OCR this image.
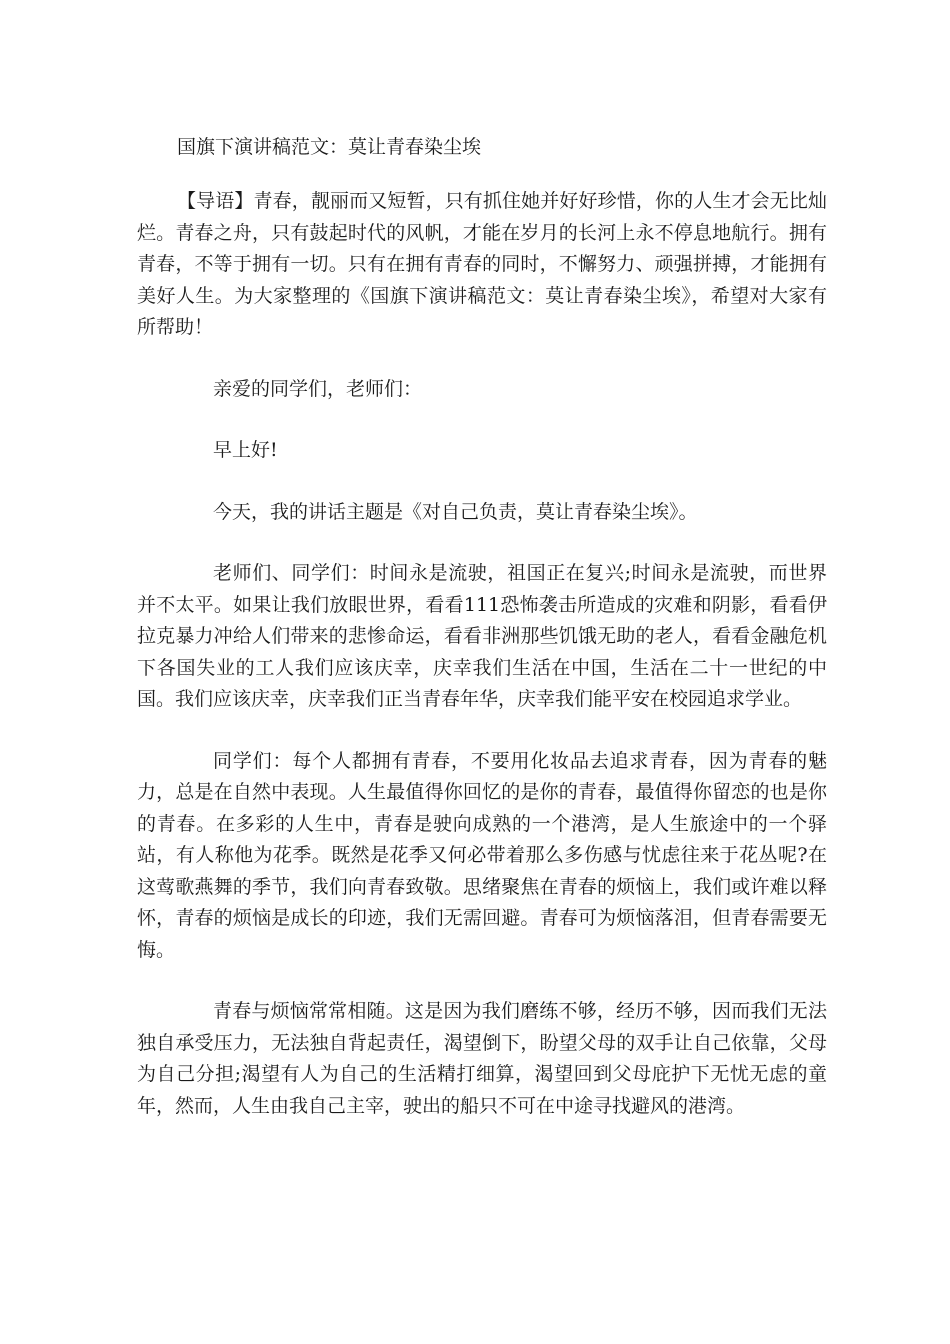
国旗下演讲稿范文：莫让青春染尘埃

【导语】青春，靓丽而又短暂，只有抓住她并好好珍惜，你的人生才会无比灿烂。青春之舟，只有鼓起时代的风帆，才能在岁月的长河上永不停息地航行。拥有青春，不等于拥有一切。只有在拥有青春的同时，不懈努力、顽强拼搏，才能拥有美好人生。为大家整理的《国旗下演讲稿范文：莫让青春染尘埃》，希望对大家有所帮助！

亲爱的同学们，老师们：

早上好!

今天，我的讲话主题是《对自己负责，莫让青春染尘埃》。

老师们、同学们：时间永是流驶，祖国正在复兴;时间永是流驶，而世界并不太平。如果让我们放眼世界，看看111恐怖袭击所造成的灾难和阴影，看看伊拉克暴力冲给人们带来的悲惨命运，看看非洲那些饥饿无助的老人，看看金融危机下各国失业的工人我们应该庆幸，庆幸我们生活在中国，生活在二十一世纪的中国。我们应该庆幸，庆幸我们正当青春年华，庆幸我们能平安在校园追求学业。

同学们：每个人都拥有青春，不要用化妆品去追求青春，因为青春的魅力，总是在自然中表现。人生最值得你回忆的是你的青春，最值得你留恋的也是你的青春。在多彩的人生中，青春是驶向成熟的一个港湾，是人生旅途中的一个驿站，有人称他为花季。既然是花季又何必带着那么多伤感与忧虑往来于花丛呢?在这莺歌燕舞的季节，我们向青春致敬。思绪聚焦在青春的烦恼上，我们或许难以释怀，青春的烦恼是成长的印迹，我们无需回避。青春可为烦恼落泪，但青春需要无悔。

青春与烦恼常常相随。这是因为我们磨练不够，经历不够，因而我们无法独自承受压力，无法独自背起责任，渴望倒下，盼望父母的双手让自己依靠，父母为自己分担;渴望有人为自己的生活精打细算，渴望回到父母庇护下无忧无虑的童年，然而，人生由我自己主宰，驶出的船只不可在中途寻找避风的港湾。
